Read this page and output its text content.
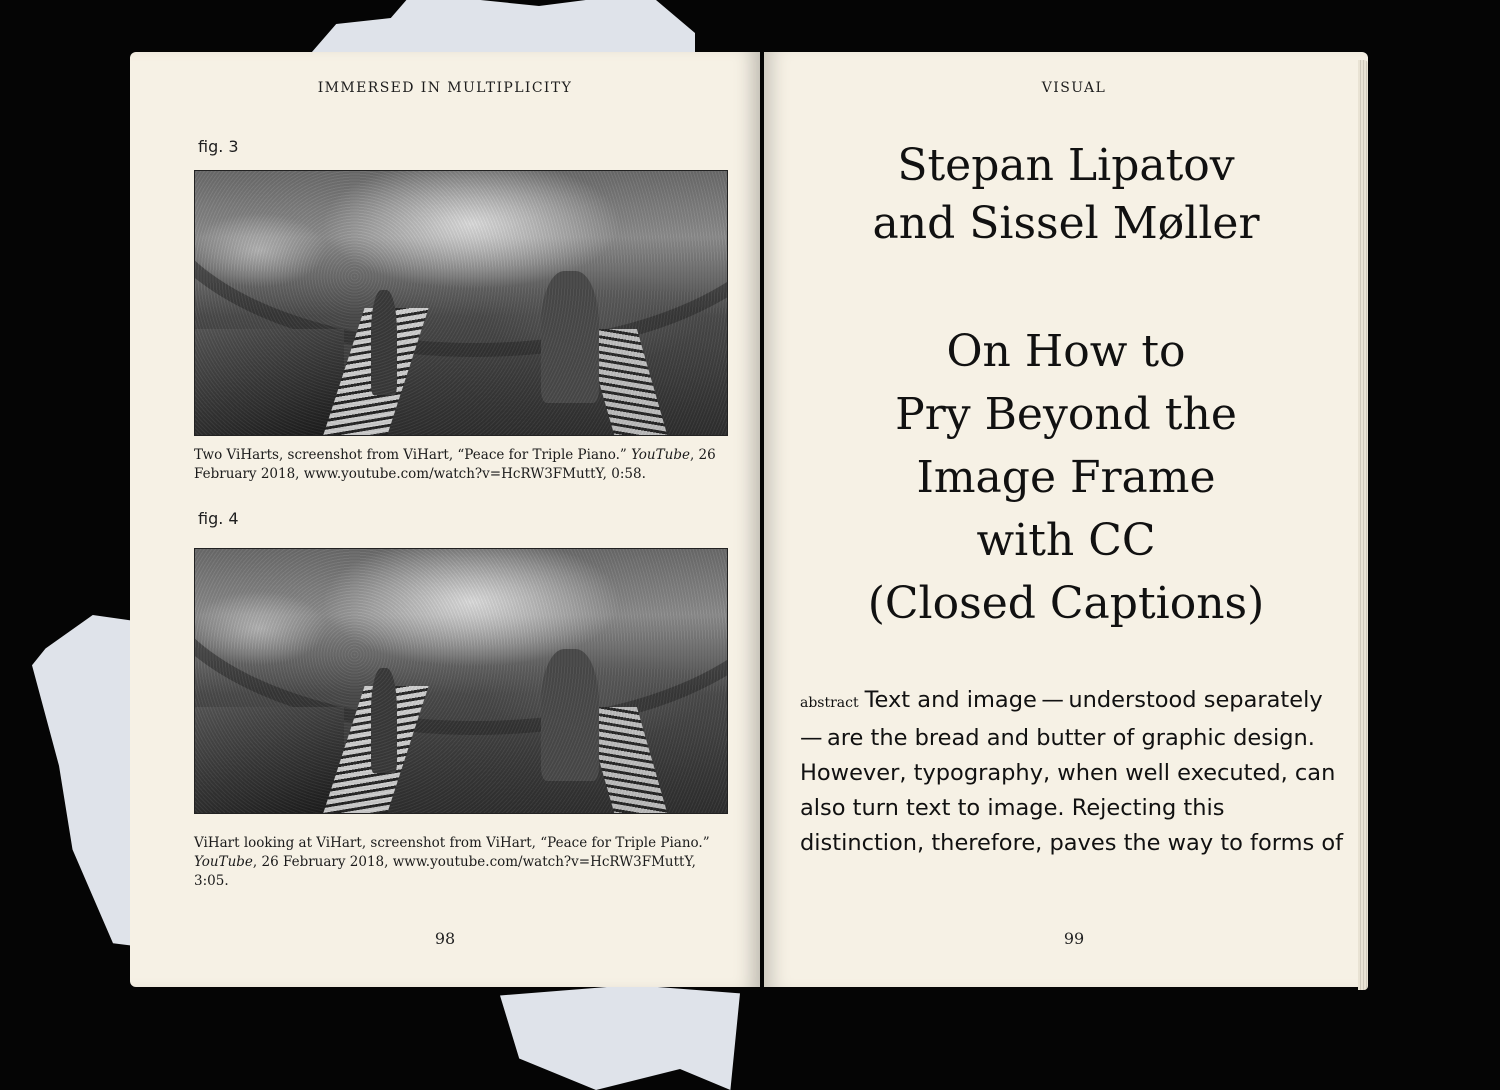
IMMERSED IN MULTIPLICITY
fig. 3
Two ViHarts, screenshot from ViHart, “Peace for Triple Piano.” YouTube, 26 February 2018, www.youtube.com/watch?v=HcRW3FMuttY, 0:58.
fig. 4
ViHart looking at ViHart, screenshot from ViHart, “Peace for Triple Piano.” YouTube, 26 February 2018, www.youtube.com/watch?v=HcRW3FMuttY, 3:05.
98
VISUAL
Stepan Lipatov
and Sissel Møller
On How to
Pry Beyond the
Image Frame
with CC
(Closed Captions)
abstract Text and image — understood separately — are the bread and butter of graphic design. However, typography, when well executed, can also turn text to image. Rejecting this distinction, therefore, paves the way to forms of
99
